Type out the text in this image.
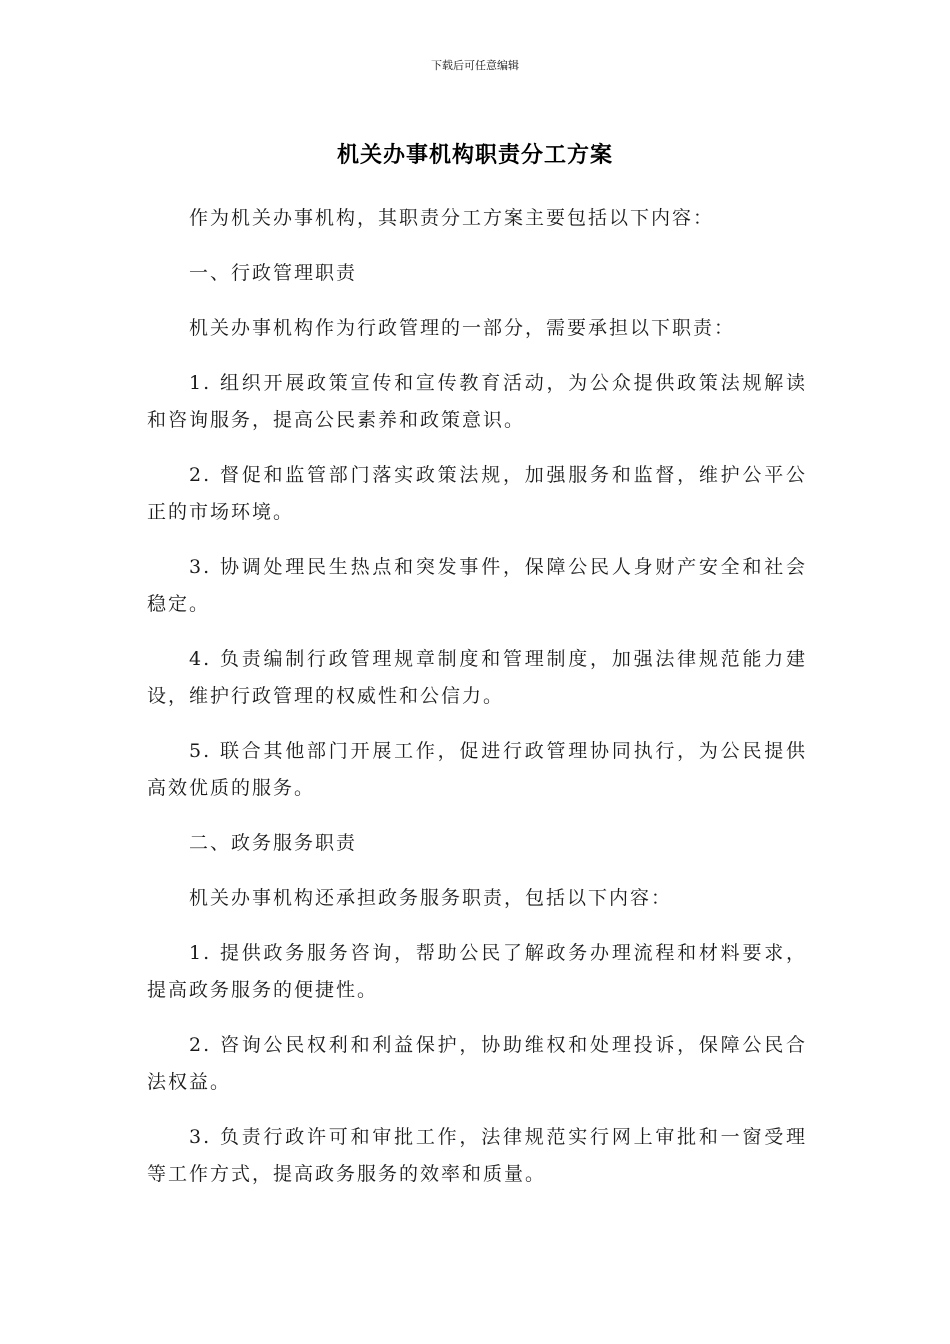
下载后可任意编辑
机关办事机构职责分工方案

作为机关办事机构，其职责分工方案主要包括以下内容：

一、行政管理职责

机关办事机构作为行政管理的一部分，需要承担以下职责：

1. 组织开展政策宣传和宣传教育活动，为公众提供政策法规解读和咨询服务，提高公民素养和政策意识。

2. 督促和监管部门落实政策法规，加强服务和监督，维护公平公正的市场环境。

3. 协调处理民生热点和突发事件，保障公民人身财产安全和社会稳定。

4. 负责编制行政管理规章制度和管理制度，加强法律规范能力建设，维护行政管理的权威性和公信力。

5. 联合其他部门开展工作，促进行政管理协同执行，为公民提供高效优质的服务。

二、政务服务职责

机关办事机构还承担政务服务职责，包括以下内容：

1. 提供政务服务咨询，帮助公民了解政务办理流程和材料要求，提高政务服务的便捷性。

2. 咨询公民权利和利益保护，协助维权和处理投诉，保障公民合法权益。

3. 负责行政许可和审批工作，法律规范实行网上审批和一窗受理等工作方式，提高政务服务的效率和质量。
